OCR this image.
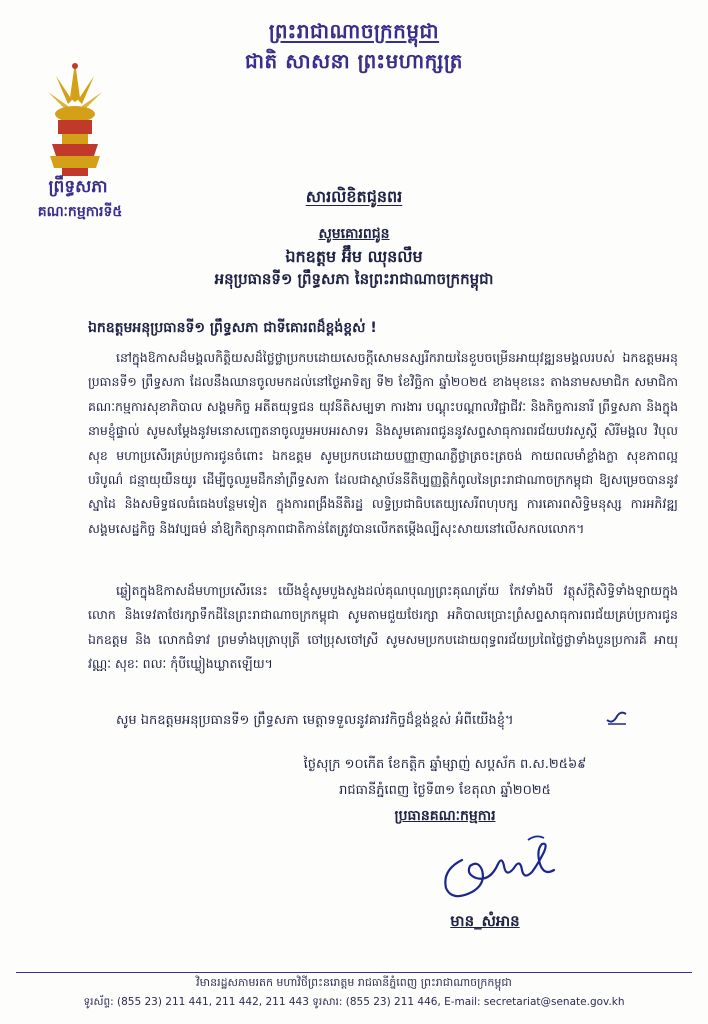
ព្រះរាជាណាចក្រកម្ពុជា
ជាតិ សាសនា ព្រះមហាក្សត្រ
ព្រឹទ្ធសភា
គណៈកម្មការទី៥
សារលិខិតជូនពរ
សូមគោរពជូន
ឯកឧត្តម អ៊ឹម ឈុនលឹម
អនុប្រធានទី១ ព្រឹទ្ធសភា នៃព្រះរាជាណាចក្រកម្ពុជា
ឯកឧត្តមអនុប្រធានទី១ ព្រឹទ្ធសភា ជាទីគោរពដ៏ខ្ពង់ខ្ពស់ !
នៅក្នុងឱកាសដ៏មង្គលកិត្តិយសដ៏ថ្លៃថ្លាប្រកបដោយសេចក្តីសោមនស្សរីករាយនៃខួបចម្រើនអាយុវឌ្ឍនមង្គលរបស់ ឯកឧត្តមអនុប្រធានទី១ ព្រឹទ្ធសភា ដែលនឹងឈានចូលមកដល់នៅថ្ងៃអាទិត្យ ទី២ ខែវិច្ឆិកា ឆ្នាំ២០២៥ ខាងមុខនេះ តាងនាមសមាជិក សមាជិកា គណៈកម្មការសុខាភិបាល សង្គមកិច្ច អតីតយុទ្ធជន យុវនីតិសម្បទា ការងារ បណ្តុះបណ្តាលវិជ្ជាជីវៈ និងកិច្ចការនារី ព្រឹទ្ធសភា និងក្នុងនាមខ្ញុំផ្ទាល់ សូមសម្តែងនូវមនោសញ្ចេតនាចូលរួមអបអរសាទរ និងសូមគោរពជូននូវសព្ទសាធុការពរជ័យបវរសួស្តី សិរីមង្គល វិបុលសុខ មហាប្រសើរគ្រប់ប្រការជូនចំពោះ ឯកឧត្តម សូមប្រកបដោយបញ្ញាញាណភ្លឺថ្លាត្រចះត្រចង់ កាយពលមាំខ្លាំងក្លា សុខភាពល្អបរិបូណ៌ ជន្មាយុយឺនយូរ ដើម្បីចូលរួមដឹកនាំព្រឹទ្ធសភា ដែលជាស្ថាប័ននីតិប្បញ្ញត្តិកំពូលនៃព្រះរាជាណាចក្រកម្ពុជា ឱ្យសម្រេចបាននូវស្នាដៃ និងសមិទ្ធផលធំធេងបន្ថែមទៀត ក្នុងការពង្រឹងនីតិរដ្ឋ លទ្ធិប្រជាធិបតេយ្យសេរីពហុបក្ស ការគោរពសិទ្ធិមនុស្ស ការអភិវឌ្ឍសង្គមសេដ្ឋកិច្ច និងវប្បធម៌ នាំឱ្យកិត្យានុភាពជាតិកាន់តែត្រូវបានលើកតម្កើងល្បីសុះសាយនៅលើសកលលោក។
ឆ្លៀតក្នុងឱកាសដ៏មហាប្រសើរនេះ យើងខ្ញុំសូមបួងសួងដល់គុណបុណ្យព្រះគុណត្រ័យ កែវទាំងបី វត្ថុស័ក្តិសិទ្ធិទាំងឡាយក្នុងលោក និងទេវតាថែរក្សាទឹកដីនៃព្រះរាជាណាចក្រកម្ពុជា សូមតាមជួយថែរក្សា អភិបាលប្រោះព្រំសព្ទសាធុការពរជ័យគ្រប់ប្រការជូន ឯកឧត្តម និង លោកជំទាវ ព្រមទាំងបុត្រាបុត្រី ចៅប្រុសចៅស្រី សូមសមប្រកបដោយពុទ្ធពរជ័យប្រពៃថ្លៃថ្លាទាំងបួនប្រការគឺ អាយុ វណ្ណៈ សុខៈ ពលៈ កុំបីឃ្លៀងឃ្លាតឡើយ។
សូម ឯកឧត្តមអនុប្រធានទី១ ព្រឹទ្ធសភា មេត្តាទទួលនូវគារវកិច្ចដ៏ខ្ពង់ខ្ពស់ អំពីយើងខ្ញុំ។
ថ្ងៃសុក្រ ១០កើត ខែកត្តិក ឆ្នាំម្សាញ់ សប្តស័ក ព.ស.២៥៦៩
រាជធានីភ្នំពេញ ថ្ងៃទី៣១ ខែតុលា ឆ្នាំ២០២៥
ប្រធានគណៈកម្មការ
មាន_សំអាន
វិមានរដ្ឋសភាមរតក មហាវិថីព្រះនរោត្តម រាជធានីភ្នំពេញ ព្រះរាជាណាចក្រកម្ពុជា
ទូរស័ព្ទ: (855 23) 211 441, 211 442, 211 443 ទូរសារ: (855 23) 211 446, E-mail: secretariat@senate.gov.kh
